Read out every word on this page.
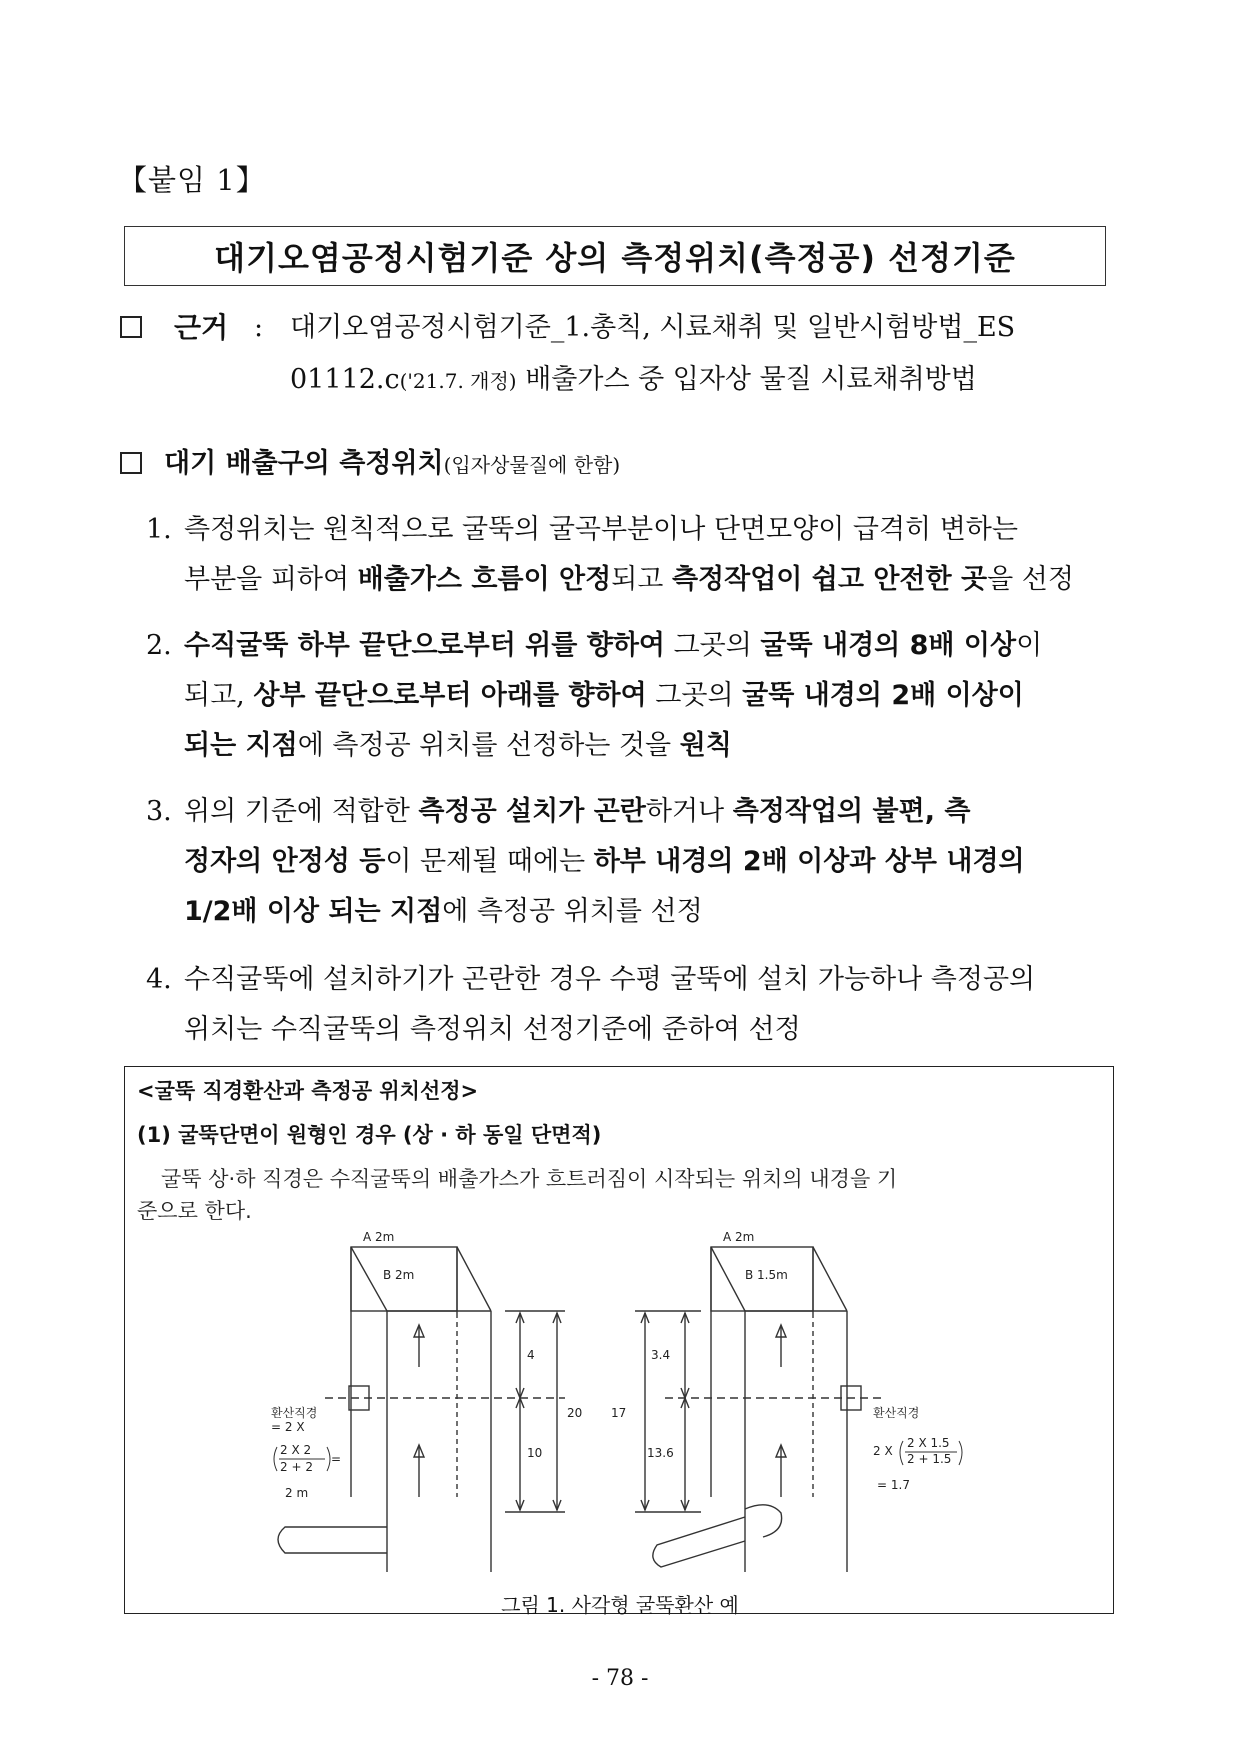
【붙임 1】
대기오염공정시험기준 상의 측정위치(측정공) 선정기준
근거 : 대기오염공정시험기준_1.총칙, 시료채취 및 일반시험방법_ES
01112.c('21.7. 개정) 배출가스 중 입자상 물질 시료채취방법
대기 배출구의 측정위치(입자상물질에 한함)
1. 측정위치는 원칙적으로 굴뚝의 굴곡부분이나 단면모양이 급격히 변하는
부분을 피하여 배출가스 흐름이 안정되고 측정작업이 쉽고 안전한 곳을 선정
2. 수직굴뚝 하부 끝단으로부터 위를 향하여 그곳의 굴뚝 내경의 8배 이상이
되고, 상부 끝단으로부터 아래를 향하여 그곳의 굴뚝 내경의 2배 이상이
되는 지점에 측정공 위치를 선정하는 것을 원칙
3. 위의 기준에 적합한 측정공 설치가 곤란하거나 측정작업의 불편, 측
정자의 안정성 등이 문제될 때에는 하부 내경의 2배 이상과 상부 내경의
1/2배 이상 되는 지점에 측정공 위치를 선정
4. 수직굴뚝에 설치하기가 곤란한 경우 수평 굴뚝에 설치 가능하나 측정공의
위치는 수직굴뚝의 측정위치 선정기준에 준하여 선정
<굴뚝 직경환산과 측정공 위치선정>
(1) 굴뚝단면이 원형인 경우 (상 · 하 동일 단면적)
굴뚝 상·하 직경은 수직굴뚝의 배출가스가 흐트러짐이 시작되는 위치의 내경을 기
준으로 한다.
A 2m
B 2m
4
20
10
환산직경
= 2 X
2 X 2
2 + 2
=
2 m
A 2m
B 1.5m
17
3.4
13.6
환산직경
2 X
2 X 1.5
2 + 1.5
= 1.7
그림 1. 사각형 굴뚝환산 예
- 78 -
